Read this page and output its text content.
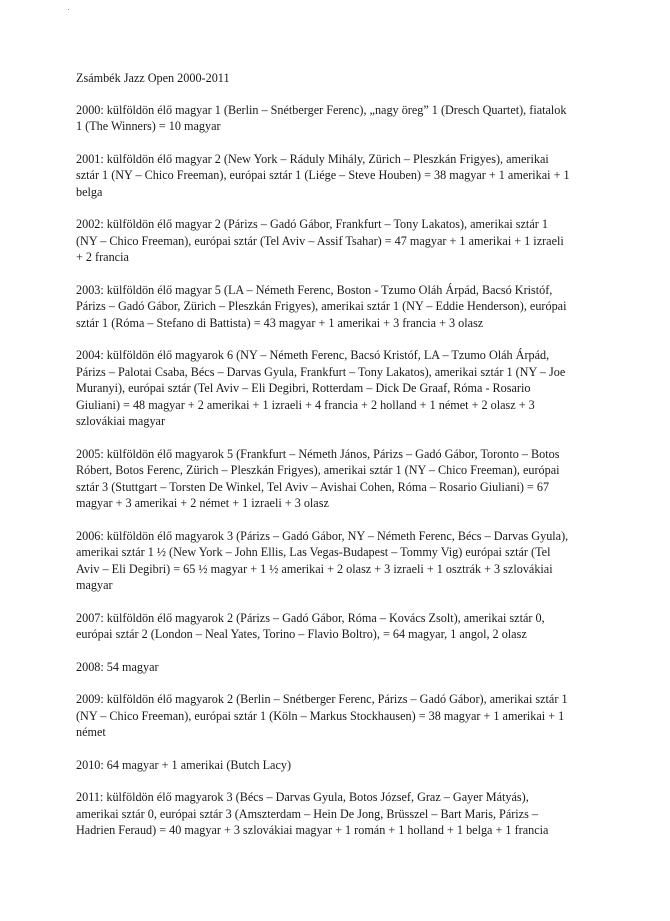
Zsámbék Jazz Open 2000-2011

2000: külföldön élő magyar 1 (Berlin – Snétberger Ferenc), „nagy öreg” 1 (Dresch Quartet), fiatalok 1 (The Winners) = 10 magyar

2001: külföldön élő magyar 2 (New York – Ráduly Mihály, Zürich – Pleszkán Frigyes), amerikai sztár 1 (NY – Chico Freeman), európai sztár 1 (Liége – Steve Houben) = 38 magyar + 1 amerikai + 1 belga

2002: külföldön élő magyar 2 (Párizs – Gadó Gábor, Frankfurt – Tony Lakatos), amerikai sztár 1 (NY – Chico Freeman), európai sztár (Tel Aviv – Assif Tsahar) = 47 magyar + 1 amerikai + 1 izraeli + 2 francia

2003: külföldön élő magyar 5 (LA – Németh Ferenc, Boston - Tzumo Oláh Árpád, Bacsó Kristóf, Párizs – Gadó Gábor, Zürich – Pleszkán Frigyes), amerikai sztár 1 (NY – Eddie Henderson), európai sztár 1 (Róma – Stefano di Battista) = 43 magyar + 1 amerikai + 3 francia + 3 olasz

2004: külföldön élő magyarok 6 (NY – Németh Ferenc, Bacsó Kristóf, LA – Tzumo Oláh Árpád, Párizs – Palotai Csaba, Bécs – Darvas Gyula, Frankfurt – Tony Lakatos), amerikai sztár 1 (NY – Joe Muranyi), európai sztár (Tel Aviv – Eli Degibri, Rotterdam – Dick De Graaf, Róma - Rosario Giuliani) = 48 magyar + 2 amerikai + 1 izraeli + 4 francia + 2 holland + 1 német + 2 olasz + 3 szlovákiai magyar

2005: külföldön élő magyarok 5 (Frankfurt – Németh János, Párizs – Gadó Gábor, Toronto – Botos Róbert, Botos Ferenc, Zürich – Pleszkán Frigyes), amerikai sztár 1 (NY – Chico Freeman), európai sztár 3 (Stuttgart – Torsten De Winkel, Tel Aviv – Avishai Cohen, Róma – Rosario Giuliani) = 67 magyar + 3 amerikai + 2 német + 1 izraeli + 3 olasz

2006: külföldön élő magyarok 3 (Párizs – Gadó Gábor, NY – Németh Ferenc, Bécs – Darvas Gyula), amerikai sztár 1 ½ (New York – John Ellis, Las Vegas-Budapest – Tommy Vig) európai sztár (Tel Aviv – Eli Degibri) = 65 ½ magyar + 1 ½ amerikai + 2 olasz + 3 izraeli + 1 osztrák + 3 szlovákiai magyar

2007: külföldön élő magyarok 2 (Párizs – Gadó Gábor, Róma – Kovács Zsolt), amerikai sztár 0, európai sztár 2 (London – Neal Yates, Torino – Flavio Boltro), = 64 magyar, 1 angol, 2 olasz

2008: 54 magyar

2009: külföldön élő magyarok 2 (Berlin – Snétberger Ferenc, Párizs – Gadó Gábor), amerikai sztár 1 (NY – Chico Freeman), európai sztár 1 (Köln – Markus Stockhausen) = 38 magyar + 1 amerikai + 1 német

2010: 64 magyar + 1 amerikai (Butch Lacy)

2011: külföldön élő magyarok 3 (Bécs – Darvas Gyula, Botos József, Graz – Gayer Mátyás), amerikai sztár 0, európai sztár 3 (Amszterdam – Hein De Jong, Brüsszel – Bart Maris, Párizs – Hadrien Feraud) = 40 magyar + 3 szlovákiai magyar + 1 román + 1 holland + 1 belga + 1 francia
